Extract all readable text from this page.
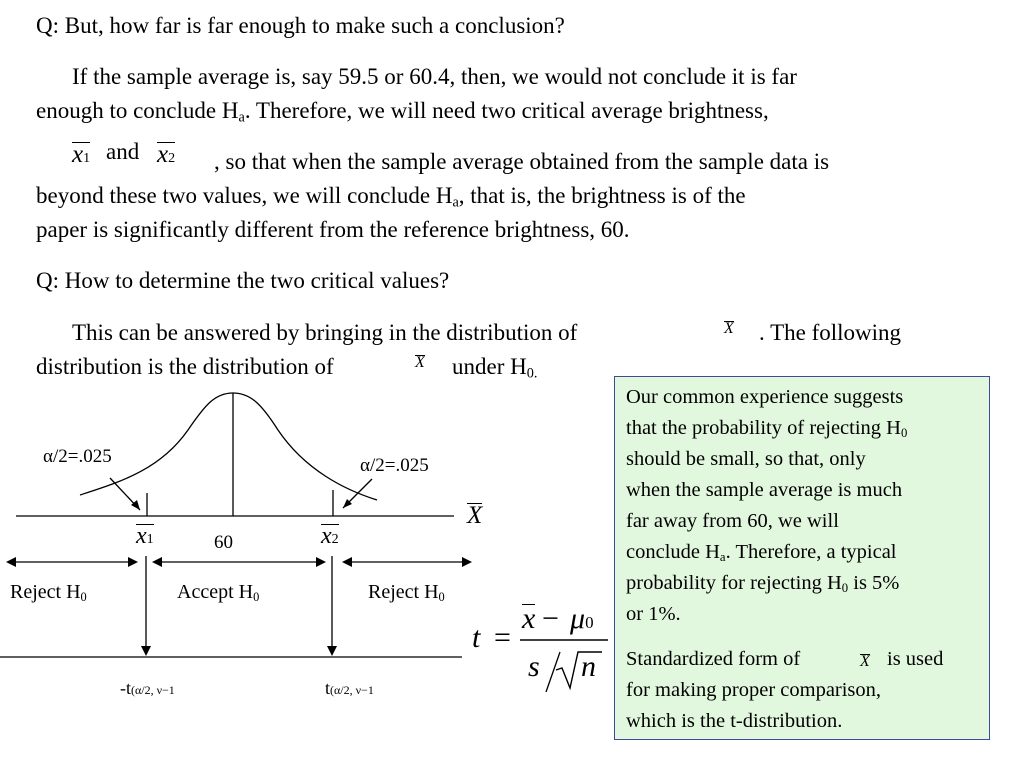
Q: But, how far is far enough to make such a conclusion?
If the sample average is, say 59.5 or 60.4, then, we would not conclude it is far
enough to conclude $H_a$. Therefore, we will need two critical average brightness,
x1 and x2 , so that when the sample average obtained from the sample data is
beyond these two values, we will conclude $H_a$, that is, the brightness is of the
paper is significantly different from the reference brightness, 60.
Q: How to determine the two critical values?
This can be answered by bringing in the distribution of	X . The following
distribution is the distribution of	X under $H_{0.}$
α/2=.025	α/2=.025
X
x1	60	x2
Reject $H_0$	Accept $H_0$	Reject $H_0$
-t(α/2, ν−1	t(α/2, ν−1
t =
x − μ0
s n
Our common experience suggests
that the probability of rejecting $H_0$
should be small, so that, only
when the sample average is much
far away from 60, we will
conclude $H_a$. Therefore, a typical
probability for rejecting $H_0$ is 5%
or 1%.
Standardized form of	X is used
for making proper comparison,
which is the t-distribution.
